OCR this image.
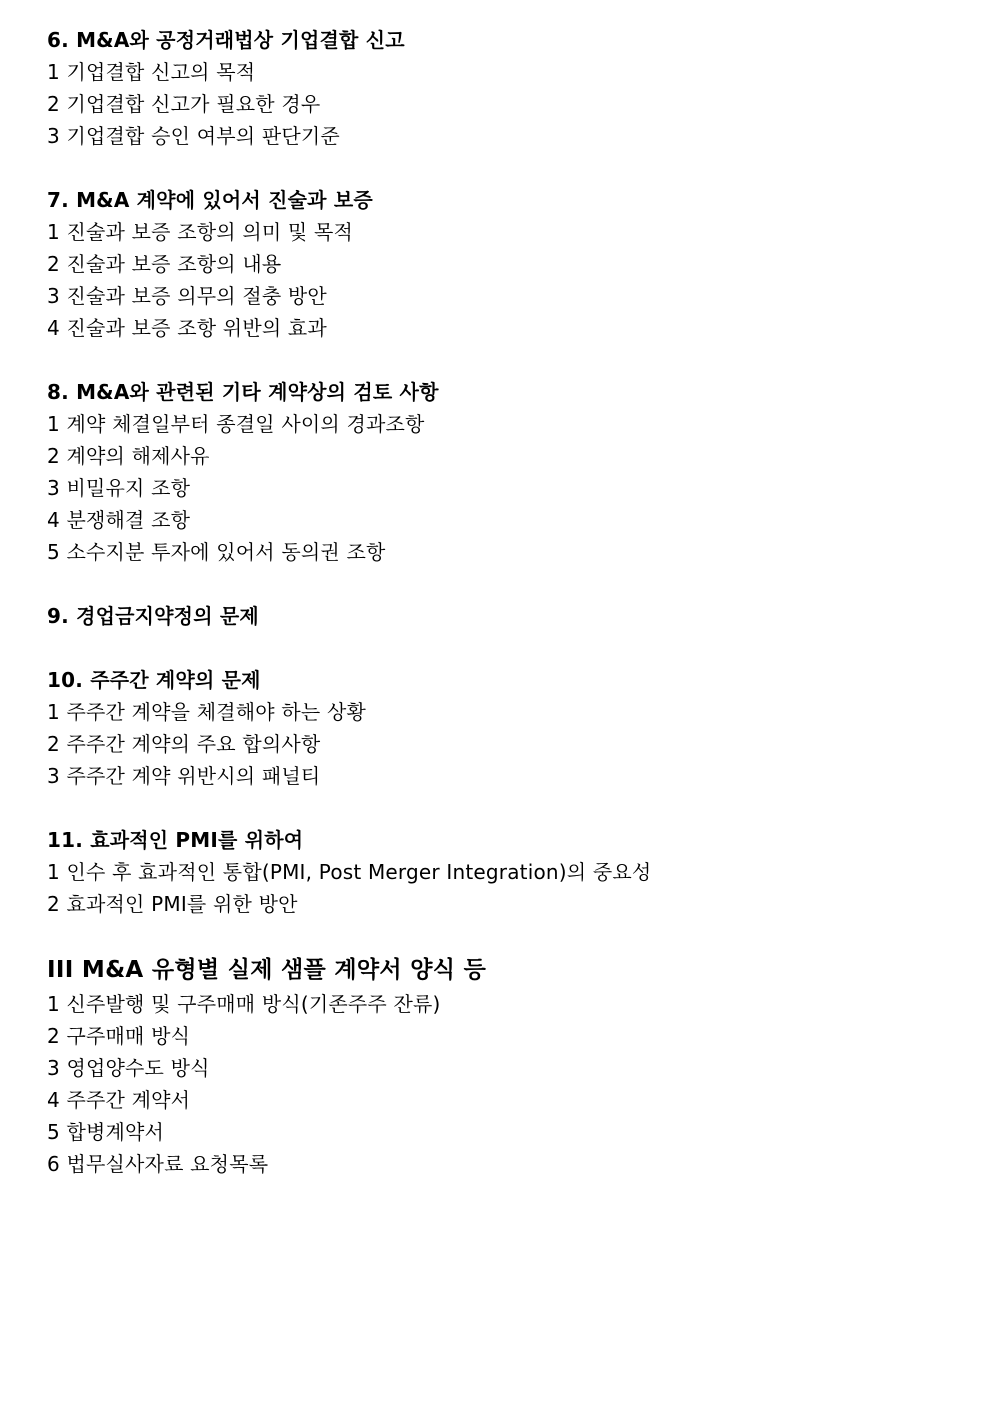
6. M&A와 공정거래법상 기업결합 신고
1 기업결합 신고의 목적
2 기업결합 신고가 필요한 경우
3 기업결합 승인 여부의 판단기준
7. M&A 계약에 있어서 진술과 보증
1 진술과 보증 조항의 의미 및 목적
2 진술과 보증 조항의 내용
3 진술과 보증 의무의 절충 방안
4 진술과 보증 조항 위반의 효과
8. M&A와 관련된 기타 계약상의 검토 사항
1 계약 체결일부터 종결일 사이의 경과조항
2 계약의 해제사유
3 비밀유지 조항
4 분쟁해결 조항
5 소수지분 투자에 있어서 동의권 조항
9. 경업금지약정의 문제
10. 주주간 계약의 문제
1 주주간 계약을 체결해야 하는 상황
2 주주간 계약의 주요 합의사항
3 주주간 계약 위반시의 패널티
11. 효과적인 PMI를 위하여
1 인수 후 효과적인 통합(PMI, Post Merger Integration)의 중요성
2 효과적인 PMI를 위한 방안
III M&A 유형별 실제 샘플 계약서 양식 등
1 신주발행 및 구주매매 방식(기존주주 잔류)
2 구주매매 방식
3 영업양수도 방식
4 주주간 계약서
5 합병계약서
6 법무실사자료 요청목록
